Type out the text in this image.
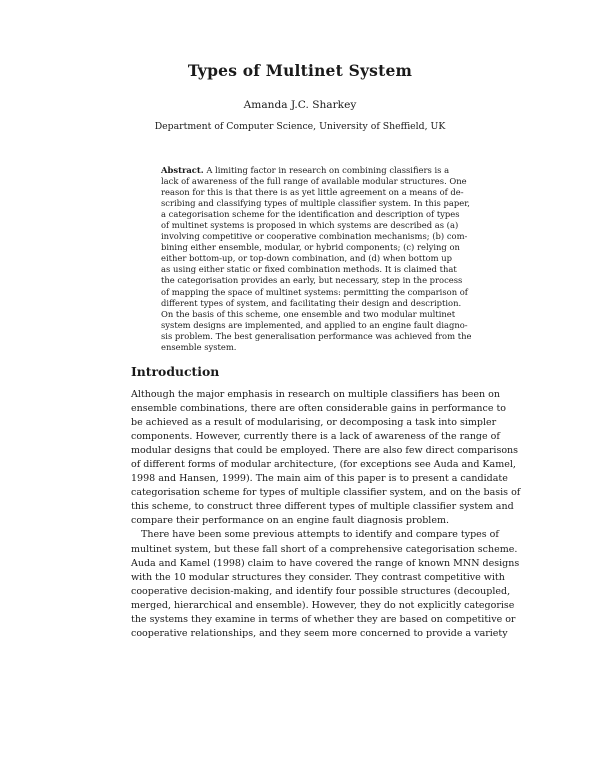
Types of Multinet System
Amanda J.C. Sharkey
Department of Computer Science, University of Sheffield, UK
Abstract. A limiting factor in research on combining classifiers is a
lack of awareness of the full range of available modular structures. One
reason for this is that there is as yet little agreement on a means of de-
scribing and classifying types of multiple classifier system. In this paper,
a categorisation scheme for the identification and description of types
of multinet systems is proposed in which systems are described as (a)
involving competitive or cooperative combination mechanisms; (b) com-
bining either ensemble, modular, or hybrid components; (c) relying on
either bottom-up, or top-down combination, and (d) when bottom up
as using either static or fixed combination methods. It is claimed that
the categorisation provides an early, but necessary, step in the process
of mapping the space of multinet systems: permitting the comparison of
different types of system, and facilitating their design and description.
On the basis of this scheme, one ensemble and two modular multinet
system designs are implemented, and applied to an engine fault diagno-
sis problem. The best generalisation performance was achieved from the
ensemble system.
Introduction
Although the major emphasis in research on multiple classifiers has been on
ensemble combinations, there are often considerable gains in performance to
be achieved as a result of modularising, or decomposing a task into simpler
components. However, currently there is a lack of awareness of the range of
modular designs that could be employed. There are also few direct comparisons
of different forms of modular architecture, (for exceptions see Auda and Kamel,
1998 and Hansen, 1999). The main aim of this paper is to present a candidate
categorisation scheme for types of multiple classifier system, and on the basis of
this scheme, to construct three different types of multiple classifier system and
compare their performance on an engine fault diagnosis problem.
There have been some previous attempts to identify and compare types of
multinet system, but these fall short of a comprehensive categorisation scheme.
Auda and Kamel (1998) claim to have covered the range of known MNN designs
with the 10 modular structures they consider. They contrast competitive with
cooperative decision-making, and identify four possible structures (decoupled,
merged, hierarchical and ensemble). However, they do not explicitly categorise
the systems they examine in terms of whether they are based on competitive or
cooperative relationships, and they seem more concerned to provide a variety
